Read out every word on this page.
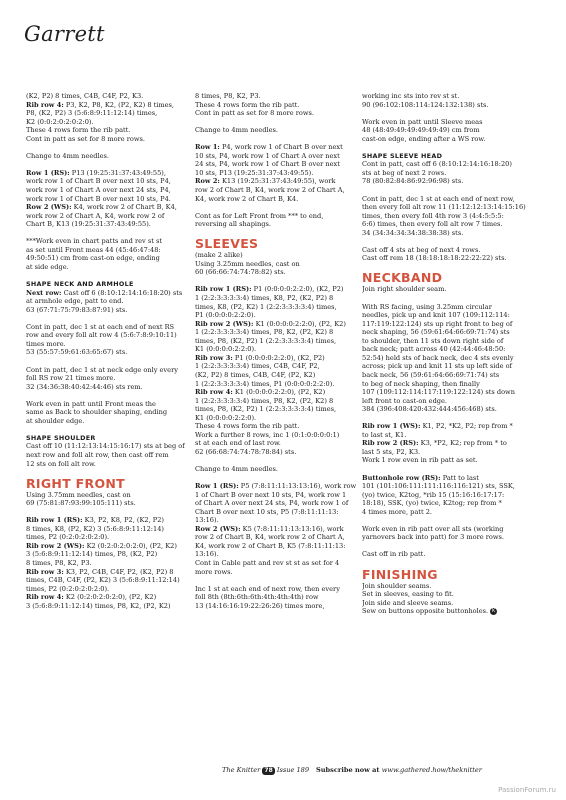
Garrett
(K2, P2) 8 times, C4B, C4F, P2, K3.
Rib row 4: P3, K2, P8, K2, (P2, K2) 8 times,
P8, (K2, P2) 3 (5:6:8:9:11:12:14) times,
K2 (0:0:2:0:2:0:2:0).
These 4 rows form the rib patt.
Cont in patt as set for 8 more rows.
Change to 4mm needles.
Row 1 (RS): P13 (19:25:31:37:43:49:55),
work row 1 of Chart B over next 10 sts, P4,
work row 1 of Chart A over next 24 sts, P4,
work row 1 of Chart B over next 10 sts, P4.
Row 2 (WS): K4, work row 2 of Chart B, K4,
work row 2 of Chart A, K4, work row 2 of
Chart B, K13 (19:25:31:37:43:49:55).
***Work even in chart patts and rev st st
as set until Front meas 44 (45:46:47:48:
49:50:51) cm from cast-on edge, ending
at side edge.
SHAPE NECK AND ARMHOLE
Next row: Cast off 6 (8:10:12:14:16:18:20) sts
at armhole edge, patt to end.
63 (67:71:75:79:83:87:91) sts.
Cont in patt, dec 1 st at each end of next RS
row and every foll alt row 4 (5:6:7:8:9:10:11)
times more.
53 (55:57:59:61:63:65:67) sts.
Cont in patt, dec 1 st at neck edge only every
foll RS row 21 times more.
32 (34:36:38:40:42:44:46) sts rem.
Work even in patt until Front meas the
same as Back to shoulder shaping, ending
at shoulder edge.
SHAPE SHOULDER
Cast off 10 (11:12:13:14:15:16:17) sts at beg of
next row and foll alt row, then cast off rem
12 sts on foll alt row.
RIGHT FRONT
Using 3.75mm needles, cast on
69 (75:81:87:93:99:105:111) sts.
Rib row 1 (RS): K3, P2, K8, P2, (K2, P2)
8 times, K8, (P2, K2) 3 (5:6:8:9:11:12:14)
times, P2 (0:2:0:2:0:2:0).
Rib row 2 (WS): K2 (0:2:0:2:0:2:0), (P2, K2)
3 (5:6:8:9:11:12:14) times, P8, (K2, P2)
8 times, P8, K2, P3.
Rib row 3: K3, P2, C4B, C4F, P2, (K2, P2) 8
times, C4B, C4F, (P2, K2) 3 (5:6:8:9:11:12:14)
times, P2 (0:2:0:2:0:2:0).
Rib row 4: K2 (0:2:0:2:0:2:0), (P2, K2)
3 (5:6:8:9:11:12:14) times, P8, K2, (P2, K2)
8 times, P8, K2, P3.
These 4 rows form the rib patt.
Cont in patt as set for 8 more rows.
Change to 4mm needles.
Row 1: P4, work row 1 of Chart B over next
10 sts, P4, work row 1 of Chart A over next
24 sts, P4, work row 1 of Chart B over next
10 sts, P13 (19:25:31:37:43:49:55).
Row 2: K13 (19:25:31:37:43:49:55), work
row 2 of Chart B, K4, work row 2 of Chart A,
K4, work row 2 of Chart B, K4.
Cont as for Left Front from *** to end,
reversing all shapings.
SLEEVES
(make 2 alike)
Using 3.25mm needles, cast on
60 (66:66:74:74:78:82) sts.
Rib row 1 (RS): P1 (0:0:0:0:2:2:0), (K2, P2)
1 (2:2:3:3:3:3:4) times, K8, P2, (K2, P2) 8
times, K8, (P2, K2) 1 (2:2:3:3:3:3:4) times,
P1 (0:0:0:0:2:2:0).
Rib row 2 (WS): K1 (0:0:0:0:2:2:0), (P2, K2)
1 (2:2:3:3:3:3:4) times, P8, K2, (P2, K2) 8
times, P8, (K2, P2) 1 (2:2:3:3:3:3:4) times,
K1 (0:0:0:0:2:2:0).
Rib row 3: P1 (0:0:0:0:2:2:0), (K2, P2)
1 (2:2:3:3:3:3:4) times, C4B, C4F, P2,
(K2, P2) 8 times, C4B, C4F, (P2, K2)
1 (2:2:3:3:3:3:4) times, P1 (0:0:0:0:2:2:0).
Rib row 4: K1 (0:0:0:0:2:2:0), (P2, K2)
1 (2:2:3:3:3:3:4) times, P8, K2, (P2, K2) 8
times, P8, (K2, P2) 1 (2:2:3:3:3:3:4) times,
K1 (0:0:0:0:2:2:0).
These 4 rows form the rib patt.
Work a further 8 rows, inc 1 (0:1:0:0:0:0:1)
st at each end of last row.
62 (66:68:74:74:78:78:84) sts.
Change to 4mm needles.
Row 1 (RS): P5 (7:8:11:11:13:13:16), work row
1 of Chart B over next 10 sts, P4, work row 1
of Chart A over next 24 sts, P4, work row 1 of
Chart B over next 10 sts, P5 (7:8:11:11:13:
13:16).
Row 2 (WS): K5 (7:8:11:11:13:13:16), work
row 2 of Chart B, K4, work row 2 of Chart A,
K4, work row 2 of Chart B, K5 (7:8:11:11:13:
13:16).
Cont in Cable patt and rev st st as set for 4
more rows.
Inc 1 st at each end of next row, then every
foll 8th (8th:6th:6th:4th:4th:4th) row
13 (14:16:16:19:22:26:26) times more,
working inc sts into rev st st.
90 (96:102:108:114:124:132:138) sts.
Work even in patt until Sleeve meas
48 (48:49:49:49:49:49:49) cm from
cast-on edge, ending after a WS row.
SHAPE SLEEVE HEAD
Cont in patt, cast off 6 (8:10:12:14:16:18:20)
sts at beg of next 2 rows.
78 (80:82:84:86:92:96:98) sts.
Cont in patt, dec 1 st at each end of next row,
then every foll alt row 11 (11:12:12:13:14:15:16)
times, then every foll 4th row 3 (4:4:5:5:5:
6:6) times, then every foll alt row 7 times.
34 (34:34:34:34:38:38:38) sts.
Cast off 4 sts at beg of next 4 rows.
Cast off rem 18 (18:18:18:18:22:22:22) sts.
NECKBAND
Join right shoulder seam.
With RS facing, using 3.25mm circular
needles, pick up and knit 107 (109:112:114:
117:119:122:124) sts up right front to beg of
neck shaping, 56 (59:61:64:66:69:71:74) sts
to shoulder, then 11 sts down right side of
back neck; patt across 40 (42:44:46:48:50:
52:54) held sts of back neck, dec 4 sts evenly
across; pick up and knit 11 sts up left side of
back neck, 56 (59:61:64:66:69:71:74) sts
to beg of neck shaping, then finally
107 (109:112:114:117:119:122:124) sts down
left front to cast-on edge.
384 (396:408:420:432:444:456:468) sts.
Rib row 1 (WS): K1, P2, *K2, P2; rep from *
to last st, K1.
Rib row 2 (RS): K3, *P2, K2; rep from * to
last 5 sts, P2, K3.
Work 1 row even in rib patt as set.
Buttonhole row (RS): Patt to last
101 (101:106:111:111:116:116:121) sts, SSK,
(yo) twice, K2tog, *rib 15 (15:16:16:17:17:
18:18), SSK, (yo) twice, K2tog; rep from *
4 times more, patt 2.
Work even in rib patt over all sts (working
yarnovers back into patt) for 3 more rows.
Cast off in rib patt.
FINISHING
Join shoulder seams.
Set in sleeves, easing to fit.
Join side and sleeve seams.
Sew on buttons opposite buttonholes. K
The Knitter 78 Issue 189 Subscribe now at www.gathered.how/theknitter
PassionForum.ru
